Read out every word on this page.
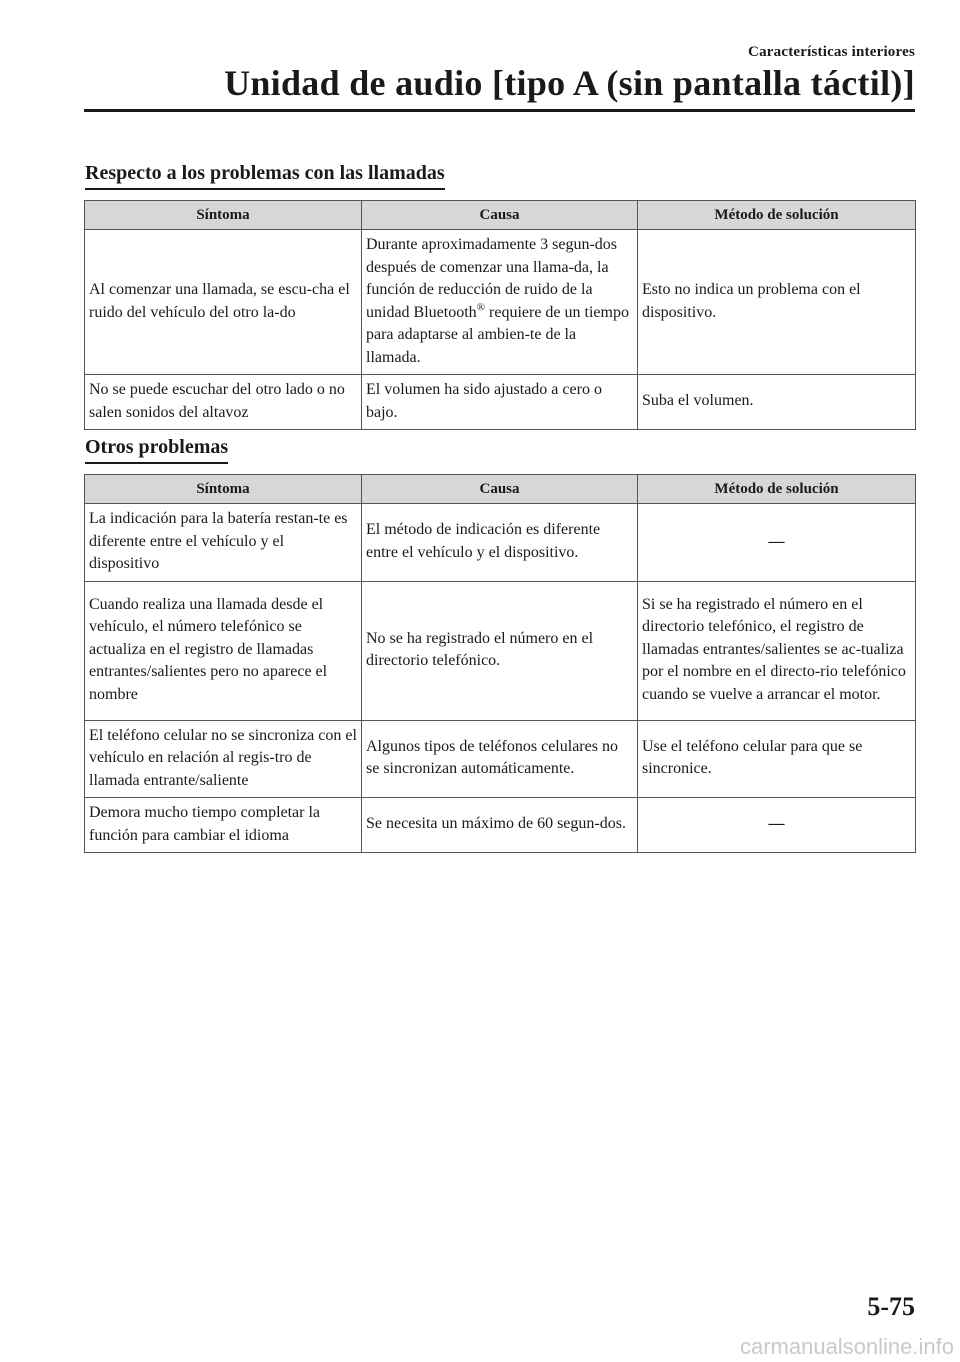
Características interiores
Unidad de audio [tipo A (sin pantalla táctil)]
Respecto a los problemas con las llamadas
Síntoma	Causa	Método de solución
Al comenzar una llamada, se escu-cha el ruido del vehículo del otro la-do	Durante aproximadamente 3 segun-dos después de comenzar una llama-da, la función de reducción de ruido de la unidad Bluetooth® requiere de un tiempo para adaptarse al ambien-te de la llamada.	Esto no indica un problema con el dispositivo.
No se puede escuchar del otro lado o no salen sonidos del altavoz	El volumen ha sido ajustado a cero o bajo.	Suba el volumen.
Otros problemas
Síntoma	Causa	Método de solución
La indicación para la batería restan-te es diferente entre el vehículo y el dispositivo	El método de indicación es diferente entre el vehículo y el dispositivo.	―
Cuando realiza una llamada desde el vehículo, el número telefónico se actualiza en el registro de llamadas entrantes/salientes pero no aparece el nombre	No se ha registrado el número en el directorio telefónico.	Si se ha registrado el número en el directorio telefónico, el registro de llamadas entrantes/salientes se ac-tualiza por el nombre en el directo-rio telefónico cuando se vuelve a arrancar el motor.
El teléfono celular no se sincroniza con el vehículo en relación al regis-tro de llamada entrante/saliente	Algunos tipos de teléfonos celulares no se sincronizan automáticamente.	Use el teléfono celular para que se sincronice.
Demora mucho tiempo completar la función para cambiar el idioma	Se necesita un máximo de 60 segun-dos.	―
5-75
carmanualsonline.info
